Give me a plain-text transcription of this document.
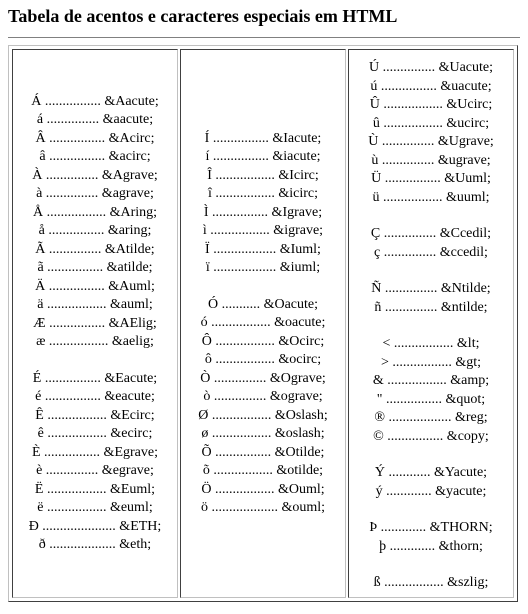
Tabela de acentos e caracteres especiais em HTML
Á ................ &Aacute;
á ............... &aacute;
Â ................ &Acirc;
â ................ &acirc;
À ............... &Agrave;
à ............... &agrave;
Å ................. &Aring;
å ................ &aring;
Ã ............... &Atilde;
ã ................ &atilde;
Ä ................ &Auml;
ä ................. &auml;
Æ ................ &AElig;
æ ................. &aelig;
É ................ &Eacute;
é ................ &eacute;
Ê ................. &Ecirc;
ê ................. &ecirc;
È ................ &Egrave;
è ............... &egrave;
Ë ................. &Euml;
ë ................. &euml;
Ð ..................... &ETH;
ð ................... &eth;
Í ................ &Iacute;
í ................ &iacute;
Î ................. &Icirc;
î ................. &icirc;
Ì ................ &Igrave;
ì ................. &igrave;
Ï .................. &Iuml;
ï .................. &iuml;
Ó ........... &Oacute;
ó ................. &oacute;
Ô ................. &Ocirc;
ô ................. &ocirc;
Ò ............... &Ograve;
ò ............... &ograve;
Ø ................. &Oslash;
ø ................. &oslash;
Õ ................ &Otilde;
õ ................. &otilde;
Ö ................. &Ouml;
ö ................... &ouml;
Ú ............... &Uacute;
ú ................ &uacute;
Û ................. &Ucirc;
û ................. &ucirc;
Ù ............... &Ugrave;
ù ............... &ugrave;
Ü ................ &Uuml;
ü ................. &uuml;
Ç ............... &Ccedil;
ç ............... &ccedil;
Ñ ............... &Ntilde;
ñ ............... &ntilde;
< ................. &lt;
> ................. &gt;
& ................. &amp;
" ................ &quot;
® .................. &reg;
© ................ &copy;
Ý ............ &Yacute;
ý ............. &yacute;
Þ ............. &THORN;
þ ............. &thorn;
ß ................. &szlig;
